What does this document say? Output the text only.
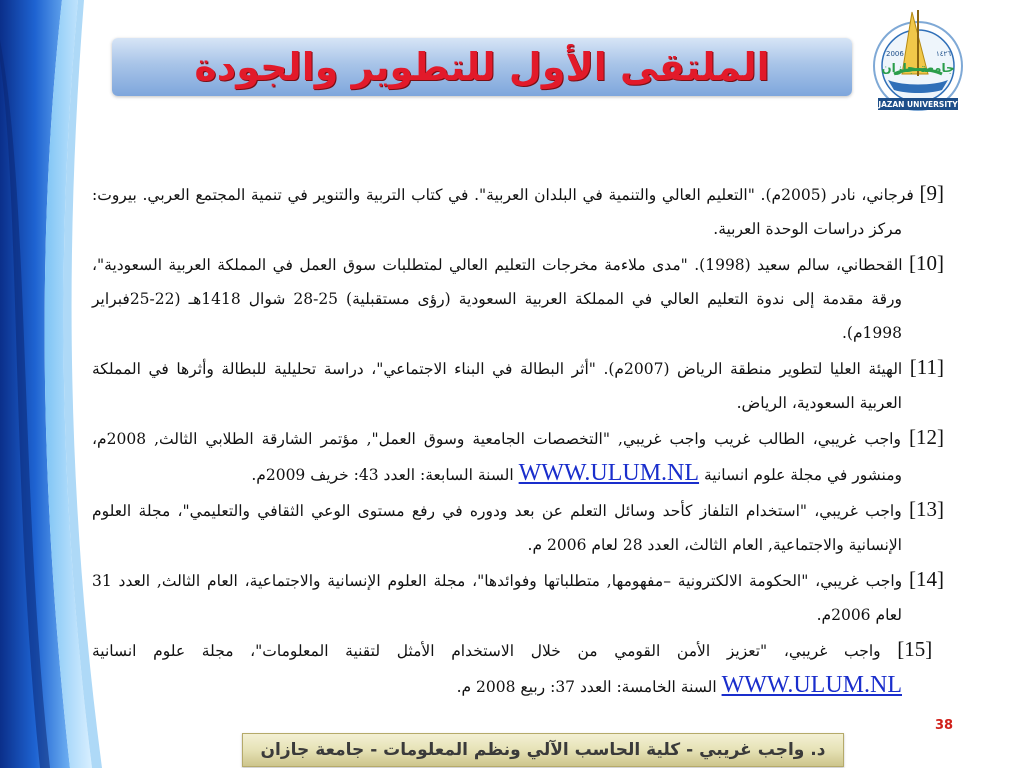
الملتقى الأول للتطوير والجودة	2006	١٤٢٦
جامعة جازان
JAZAN UNIVERSITY

[9] فرجاني، نادر (2005م). "التعليم العالي والتنمية في البلدان العربية". في كتاب التربية والتنوير في تنمية المجتمع العربي. بيروت: مركز دراسات الوحدة العربية.

[10] القحطاني، سالم سعيد (1998). "مدى ملاءمة مخرجات التعليم العالي لمتطلبات سوق العمل في المملكة العربية السعودية"، ورقة مقدمة إلى ندوة التعليم العالي في المملكة العربية السعودية (رؤى مستقبلية) 25-28 شوال 1418هـ (22-25فبراير 1998م).

[11] الهيئة العليا لتطوير منطقة الرياض (2007م). "أثر البطالة في البناء الاجتماعي"، دراسة تحليلية للبطالة وأثرها في المملكة العربية السعودية، الرياض.

[12] واجب غريبي، الطالب غريب واجب غريبي, "التخصصات الجامعية وسوق العمل", مؤتمر الشارقة الطلابي الثالث, 2008م، ومنشور في مجلة علوم انسانية WWW.ULUM.NL السنة السابعة: العدد 43: خريف 2009م.

[13] واجب غريبي، "استخدام التلفاز كأحد وسائل التعلم عن بعد ودوره في رفع مستوى الوعي الثقافي والتعليمي"، مجلة العلوم الإنسانية والاجتماعية, العام الثالث، العدد 28 لعام 2006 م.

[14] واجب غريبي، "الحكومة الالكترونية –مفهومها, متطلباتها وفوائدها"، مجلة العلوم الإنسانية والاجتماعية، العام الثالث, العدد 31 لعام 2006م.

[15] واجب غريبي، "تعزيز الأمن القومي من خلال الاستخدام الأمثل لتقنية المعلومات"، مجلة علوم انسانية WWW.ULUM.NL السنة الخامسة: العدد 37: ربيع 2008 م.

38
د. واجب غريبي - كلية الحاسب الآلي ونظم المعلومات - جامعة جازان
